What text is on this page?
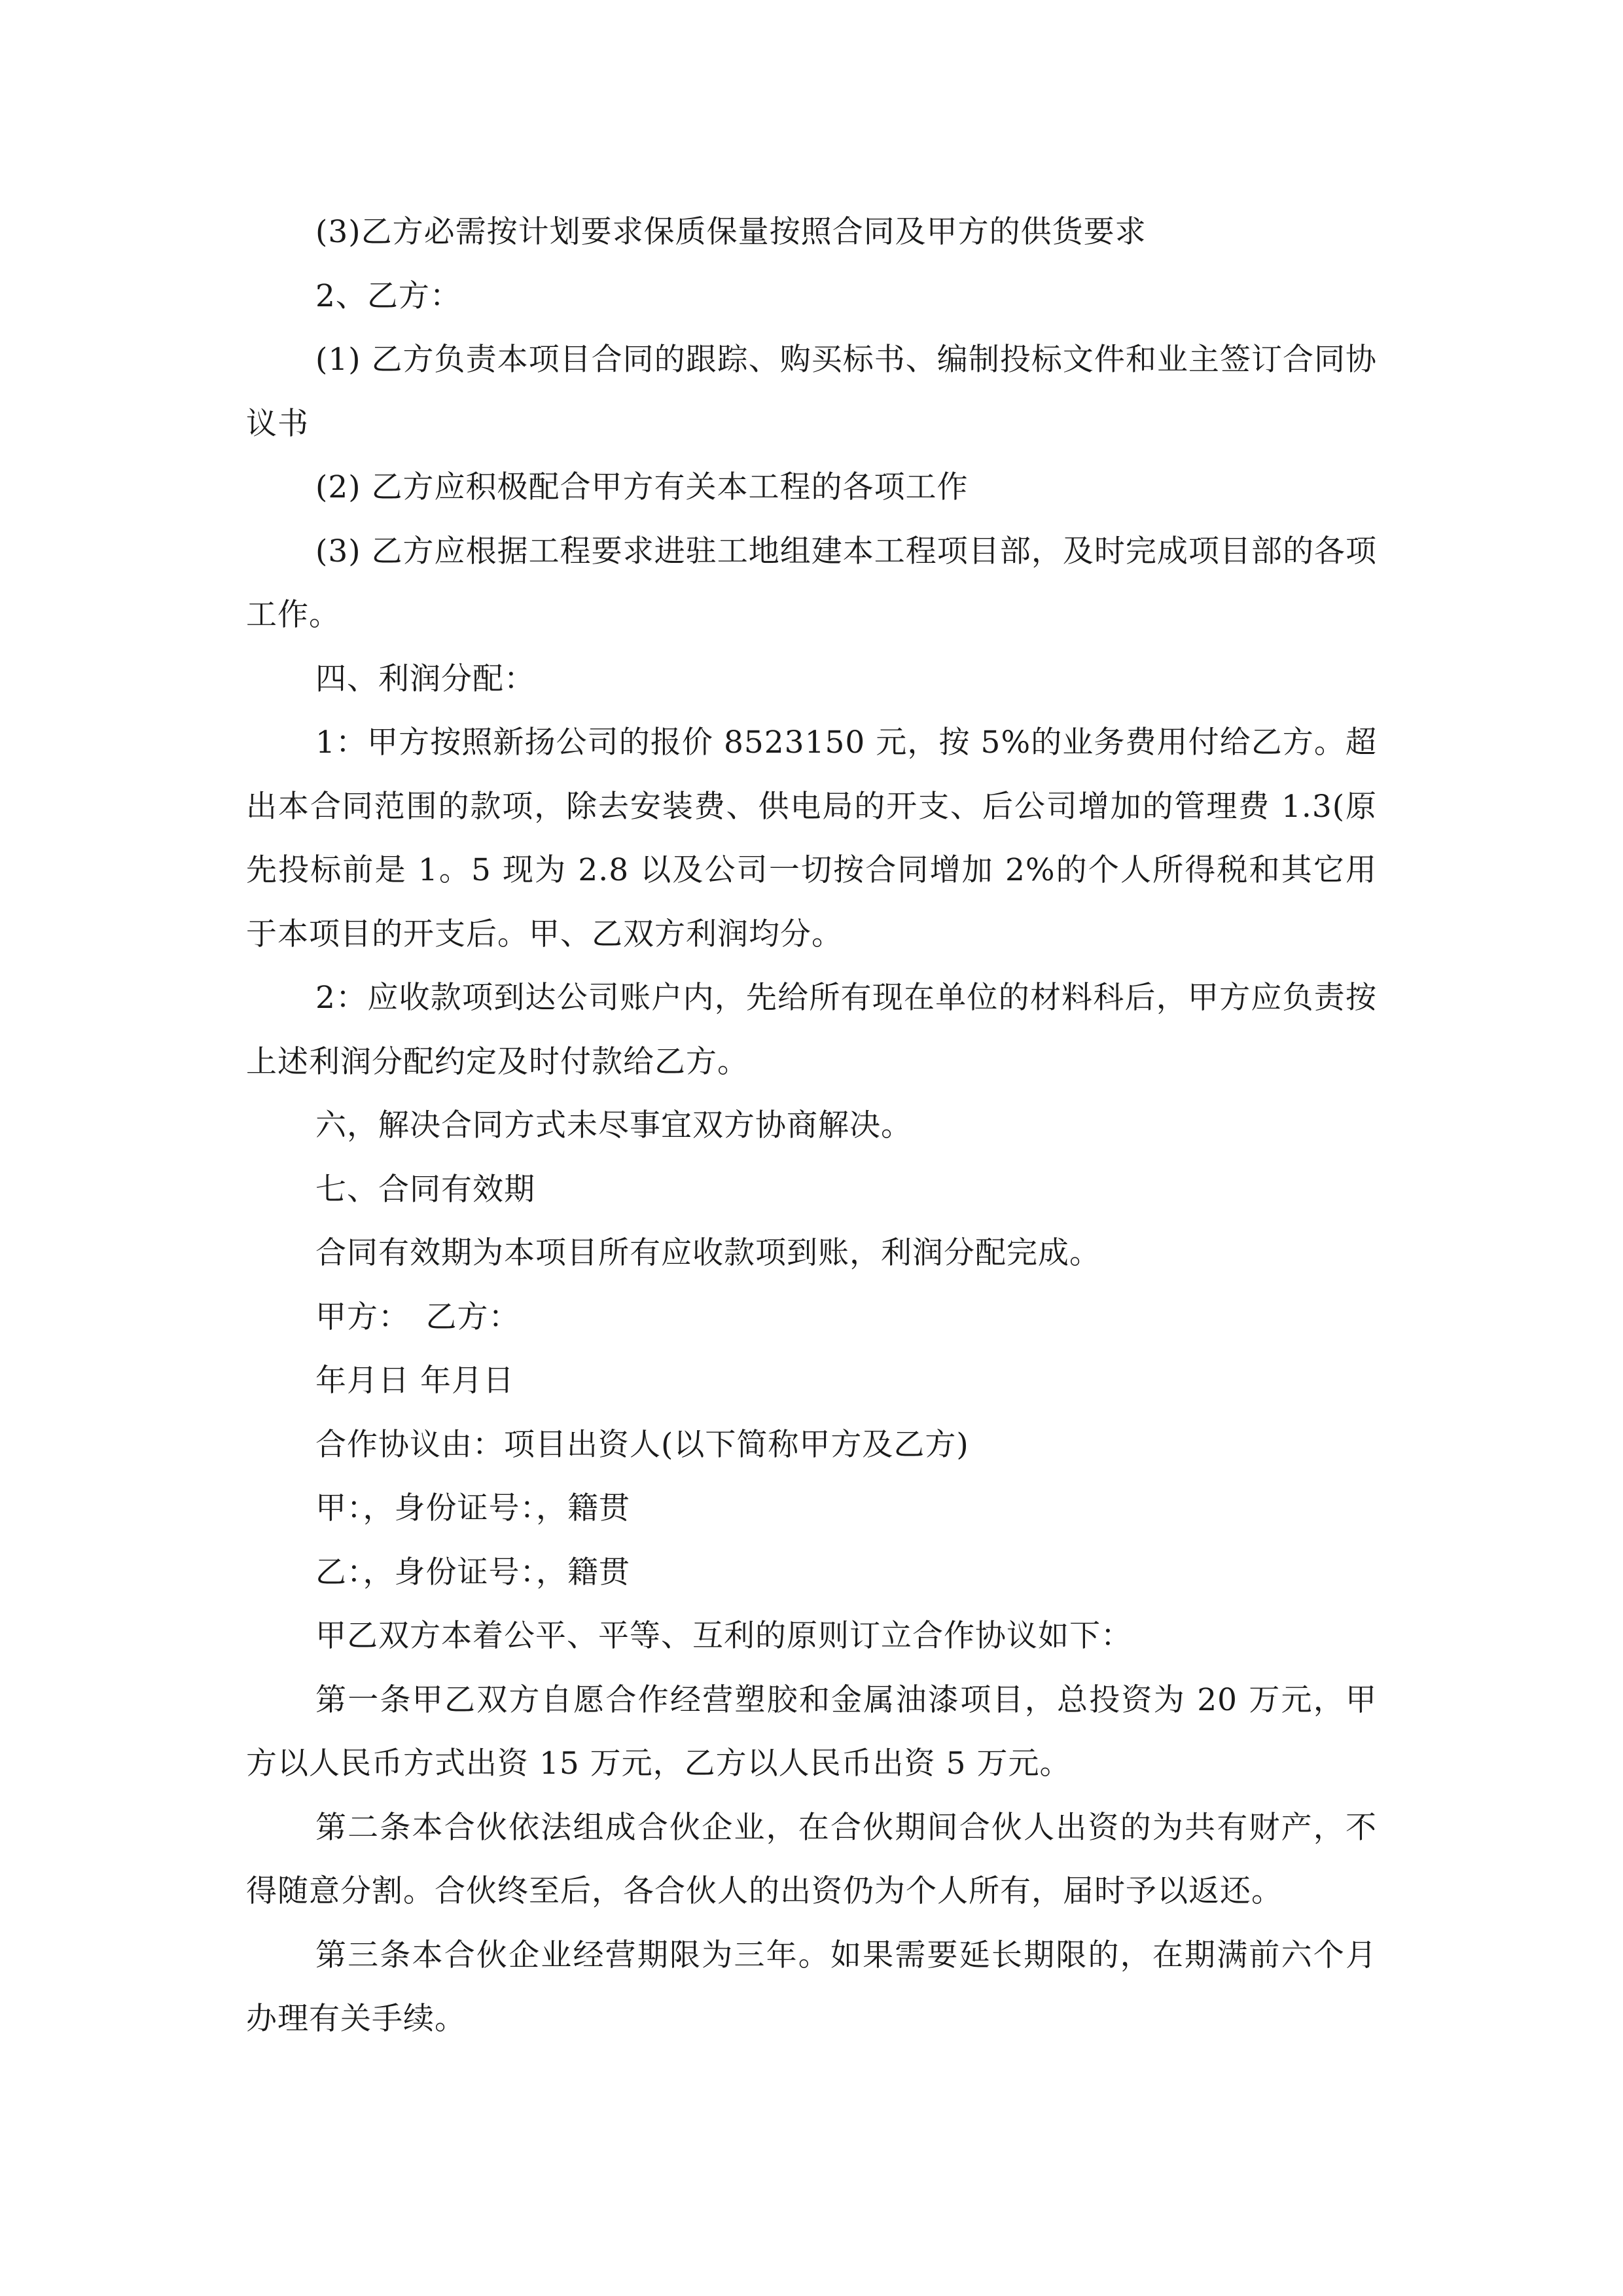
(3)乙方必需按计划要求保质保量按照合同及甲方的供货要求

2、乙方：

(1) 乙方负责本项目合同的跟踪、购买标书、编制投标文件和业主签订合同协议书

(2) 乙方应积极配合甲方有关本工程的各项工作

(3) 乙方应根据工程要求进驻工地组建本工程项目部，及时完成项目部的各项工作。

四、利润分配：

1：甲方按照新扬公司的报价 8523150 元，按 5%的业务费用付给乙方。超出本合同范围的款项，除去安装费、供电局的开支、后公司增加的管理费 1.3(原先投标前是 1。5 现为 2.8 以及公司一切按合同增加 2%的个人所得税和其它用于本项目的开支后。甲、乙双方利润均分。

2：应收款项到达公司账户内，先给所有现在单位的材料科后，甲方应负责按上述利润分配约定及时付款给乙方。

六，解决合同方式未尽事宜双方协商解决。

七、合同有效期

合同有效期为本项目所有应收款项到账，利润分配完成。

甲方：　乙方：

年月日 年月日

合作协议由：项目出资人(以下简称甲方及乙方)

甲：，身份证号：，籍贯

乙：，身份证号：，籍贯

甲乙双方本着公平、平等、互利的原则订立合作协议如下：

第一条甲乙双方自愿合作经营塑胶和金属油漆项目，总投资为 20 万元，甲方以人民币方式出资 15 万元，乙方以人民币出资 5 万元。

第二条本合伙依法组成合伙企业，在合伙期间合伙人出资的为共有财产，不得随意分割。合伙终至后，各合伙人的出资仍为个人所有，届时予以返还。

第三条本合伙企业经营期限为三年。如果需要延长期限的，在期满前六个月办理有关手续。
